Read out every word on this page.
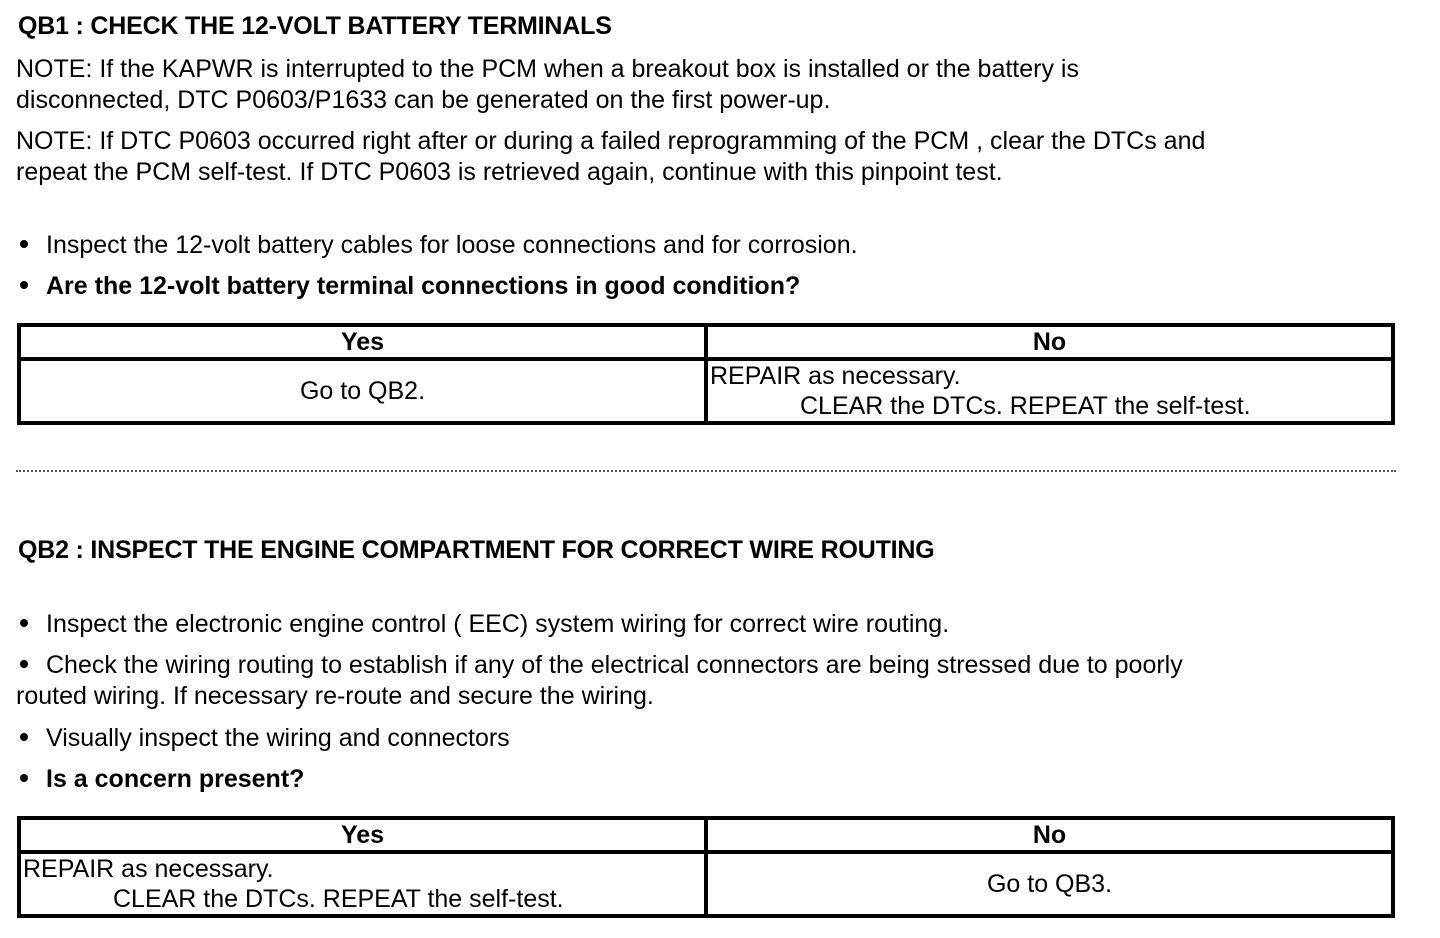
QB1 : CHECK THE 12-VOLT BATTERY TERMINALS
NOTE: If the KAPWR is interrupted to the PCM when a breakout box is installed or the battery is
disconnected, DTC P0603/P1633 can be generated on the first power-up.
NOTE: If DTC P0603 occurred right after or during a failed reprogramming of the PCM , clear the DTCs and
repeat the PCM self-test. If DTC P0603 is retrieved again, continue with this pinpoint test.

Inspect the 12-volt battery cables for loose connections and for corrosion.

Are the 12-volt battery terminal connections in good condition?

Yes	No
Go to QB2.	REPAIR as necessary.
CLEAR the DTCs. REPEAT the self-test.
QB2 : INSPECT THE ENGINE COMPARTMENT FOR CORRECT WIRE ROUTING

Inspect the electronic engine control ( EEC) system wiring for correct wire routing.

Check the wiring routing to establish if any of the electrical connectors are being stressed due to poorly
routed wiring. If necessary re-route and secure the wiring.

Visually inspect the wiring and connectors

Is a concern present?

Yes	No

REPAIR as necessary.
CLEAR the DTCs. REPEAT the self-test.	Go to QB3.
